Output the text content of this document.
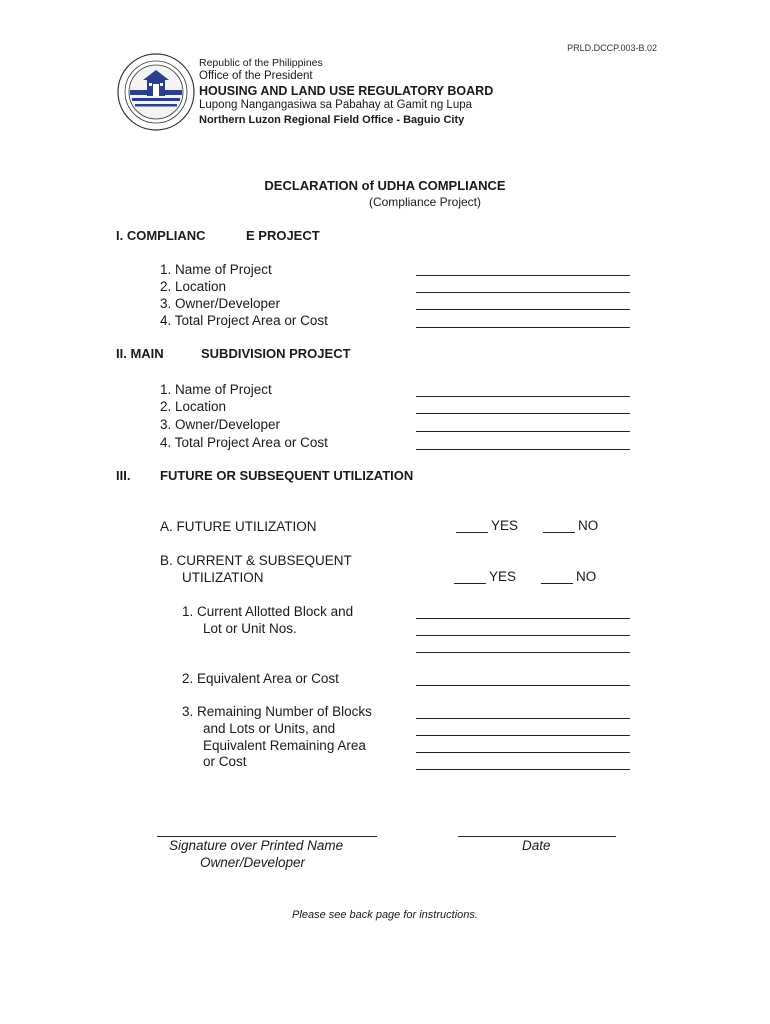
PRLD.DCCP.003-B.02
Republic of the Philippines
Office of the President
HOUSING AND LAND USE REGULATORY BOARD
Lupong Nangangasiwa sa Pabahay at Gamit ng Lupa
Northern Luzon Regional Field Office - Baguio City
DECLARATION of UDHA COMPLIANCE
(Compliance Project)
I. COMPLIANC	E PROJECT
1. Name of Project
2. Location
3. Owner/Developer
4. Total Project Area or Cost
II. MAIN	SUBDIVISION PROJECT
1. Name of Project
2. Location
3. Owner/Developer
4. Total Project Area or Cost
III. FUTURE OR SUBSEQUENT UTILIZATION
A. FUTURE UTILIZATION	YES	NO
B. CURRENT & SUBSEQUENT
UTILIZATION	YES	NO
1. Current Allotted Block and
Lot or Unit Nos.
2. Equivalent Area or Cost
3. Remaining Number of Blocks
and Lots or Units, and
Equivalent Remaining Area
or Cost
Signature over Printed Name
Owner/Developer
Date
Please see back page for instructions.
